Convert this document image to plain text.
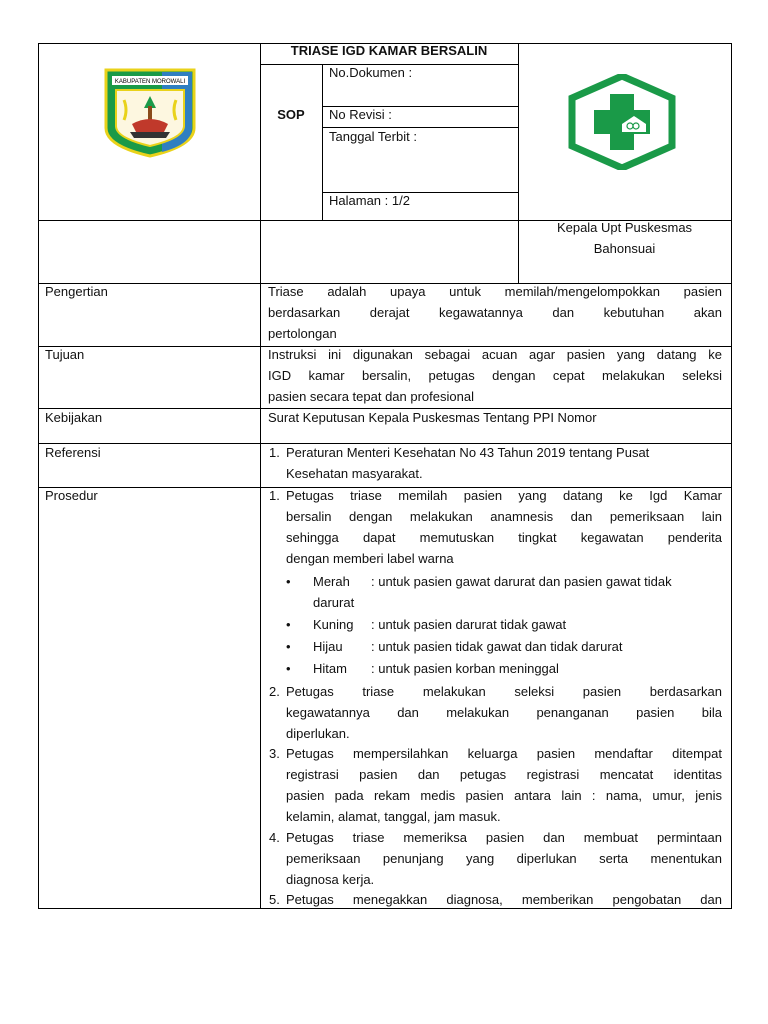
KABUPATEN MOROWALI
TRIASE IGD KAMAR BERSALIN
SOP
No.Dokumen :
No Revisi :
Tanggal Terbit :
Halaman : 1/2
Kepala Upt Puskesmas
Bahonsuai
Pengertian	Triase adalah upaya untuk memilah/mengelompokkan pasien
berdasarkan derajat kegawatannya dan kebutuhan akan
pertolongan
Tujuan	Instruksi ini digunakan sebagai acuan agar pasien yang datang ke
IGD kamar bersalin, petugas dengan cepat melakukan seleksi
pasien secara tepat dan profesional
Kebijakan	Surat Keputusan Kepala Puskesmas Tentang PPI Nomor
Referensi	1. Peraturan Menteri Kesehatan No 43 Tahun 2019 tentang Pusat
Kesehatan masyarakat.
Prosedur	1. Petugas triase memilah pasien yang datang ke Igd Kamar
bersalin dengan melakukan anamnesis dan pemeriksaan lain
sehingga dapat memutuskan tingkat kegawatan penderita
dengan memberi label warna
• Merah : untuk pasien gawat darurat dan pasien gawat tidak
darurat
• Kuning : untuk pasien darurat tidak gawat
• Hijau : untuk pasien tidak gawat dan tidak darurat
• Hitam : untuk pasien korban meninggal
2. Petugas triase melakukan seleksi pasien berdasarkan
kegawatannya dan melakukan penanganan pasien bila
diperlukan.
3. Petugas mempersilahkan keluarga pasien mendaftar ditempat
registrasi pasien dan petugas registrasi mencatat identitas
pasien pada rekam medis pasien antara lain : nama, umur, jenis
kelamin, alamat, tanggal, jam masuk.
4. Petugas triase memeriksa pasien dan membuat permintaan
pemeriksaan penunjang yang diperlukan serta menentukan
diagnosa kerja.
5. Petugas menegakkan diagnosa, memberikan pengobatan dan
